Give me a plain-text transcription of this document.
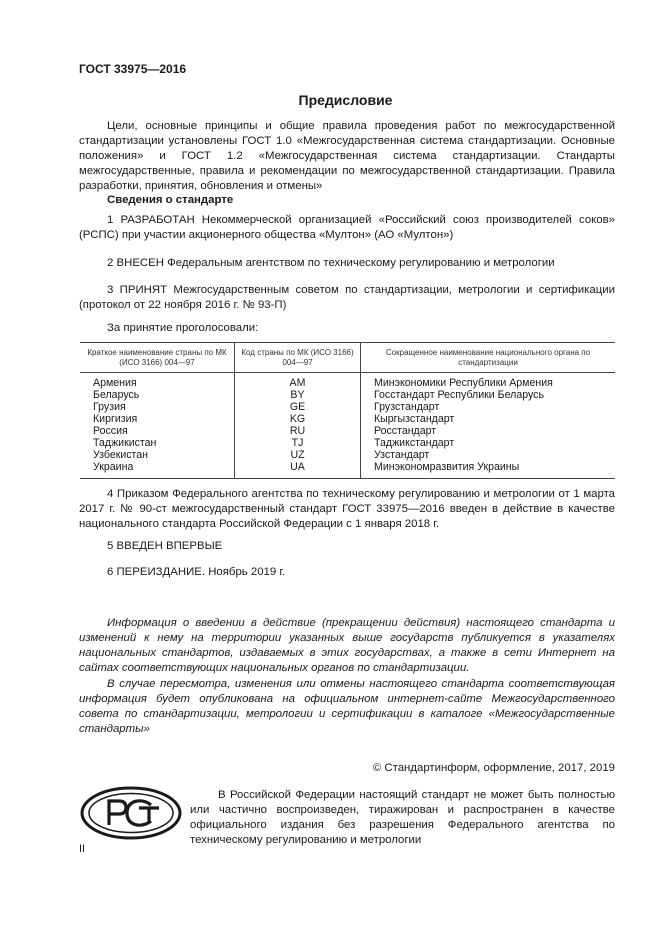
ГОСТ 33975—2016
Предисловие
Цели, основные принципы и общие правила проведения работ по межгосударственной стандартизации установлены ГОСТ 1.0 «Межгосударственная система стандартизации. Основные положения» и ГОСТ 1.2 «Межгосударственная система стандартизации. Стандарты межгосударственные, правила и рекомендации по межгосударственной стандартизации. Правила разработки, принятия, обновления и отмены»
Сведения о стандарте
1 РАЗРАБОТАН Некоммерческой организацией «Российский союз производителей соков» (РСПС) при участии акционерного общества «Мултон» (АО «Мултон»)
2 ВНЕСЕН Федеральным агентством по техническому регулированию и метрологии
3 ПРИНЯТ Межгосударственным советом по стандартизации, метрологии и сертификации (протокол от 22 ноября 2016 г. № 93-П)
За принятие проголосовали:
Краткое наименование страны по МК (ИСО 3166) 004—97	Код страны по МК (ИСО 3166) 004—97	Сокращенное наименование национального органа по стандартизации
Армения	AM	Минэкономики Республики Армения
Беларусь	BY	Госстандарт Республики Беларусь
Грузия	GE	Грузстандарт
Киргизия	KG	Кыргызстандарт
Россия	RU	Росстандарт
Таджикистан	TJ	Таджикстандарт
Узбекистан	UZ	Узстандарт
Украина	UA	Минэкономразвития Украины
4 Приказом Федерального агентства по техническому регулированию и метрологии от 1 марта 2017 г. № 90-ст межгосударственный стандарт ГОСТ 33975—2016 введен в действие в качестве национального стандарта Российской Федерации с 1 января 2018 г.
5 ВВЕДЕН ВПЕРВЫЕ
6 ПЕРЕИЗДАНИЕ. Ноябрь 2019 г.
Информация о введении в действие (прекращении действия) настоящего стандарта и изменений к нему на территории указанных выше государств публикуется в указателях национальных стандартов, издаваемых в этих государствах, а также в сети Интернет на сайтах соответствующих национальных органов по стандартизации.
В случае пересмотра, изменения или отмены настоящего стандарта соответствующая информация будет опубликована на официальном интернет-сайте Межгосударственного совета по стандартизации, метрологии и сертификации в каталоге «Межгосударственные стандарты»
© Стандартинформ, оформление, 2017, 2019
В Российской Федерации настоящий стандарт не может быть полностью или частично воспроизведен, тиражирован и распространен в качестве официального издания без разрешения Федерального агентства по техническому регулированию и метрологии
II
